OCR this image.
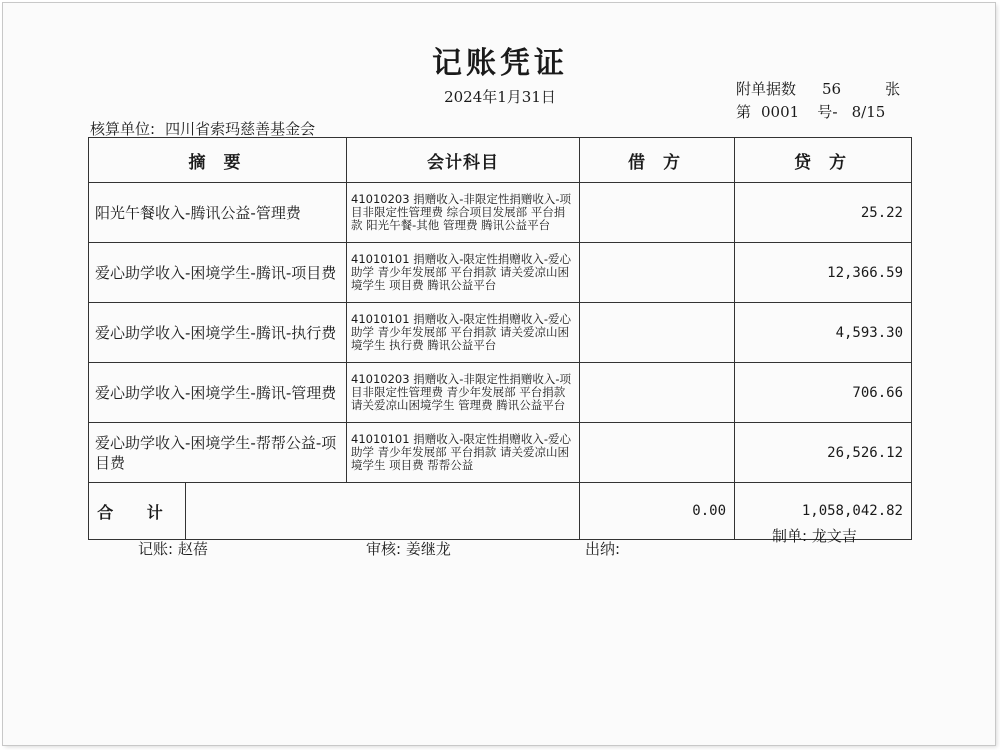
记账凭证
2024年1月31日	附单据数 56	张
第 0001 号- 8/15
核算单位: 四川省索玛慈善基金会
摘 要	会计科目	借 方	贷 方
阳光午餐收入-腾讯公益-管理费	41010203 捐赠收入-非限定性捐赠收入-项目非限定性管理费 综合项目发展部 平台捐款 阳光午餐-其他 管理费 腾讯公益平台		25.22
爱心助学收入-困境学生-腾讯-项目费	41010101 捐赠收入-限定性捐赠收入-爱心助学 青少年发展部 平台捐款 请关爱凉山困境学生 项目费 腾讯公益平台		12,366.59
爱心助学收入-困境学生-腾讯-执行费	41010101 捐赠收入-限定性捐赠收入-爱心助学 青少年发展部 平台捐款 请关爱凉山困境学生 执行费 腾讯公益平台		4,593.30
爱心助学收入-困境学生-腾讯-管理费	41010203 捐赠收入-非限定性捐赠收入-项目非限定性管理费 青少年发展部 平台捐款 请关爱凉山困境学生 管理费 腾讯公益平台		706.66
爱心助学收入-困境学生-帮帮公益-项目费	41010101 捐赠收入-限定性捐赠收入-爱心助学 青少年发展部 平台捐款 请关爱凉山困境学生 项目费 帮帮公益		26,526.12

合 计		0.00	1,058,042.82
记账: 赵蓓	审核: 姜继龙	出纳:
制单: 龙文吉
